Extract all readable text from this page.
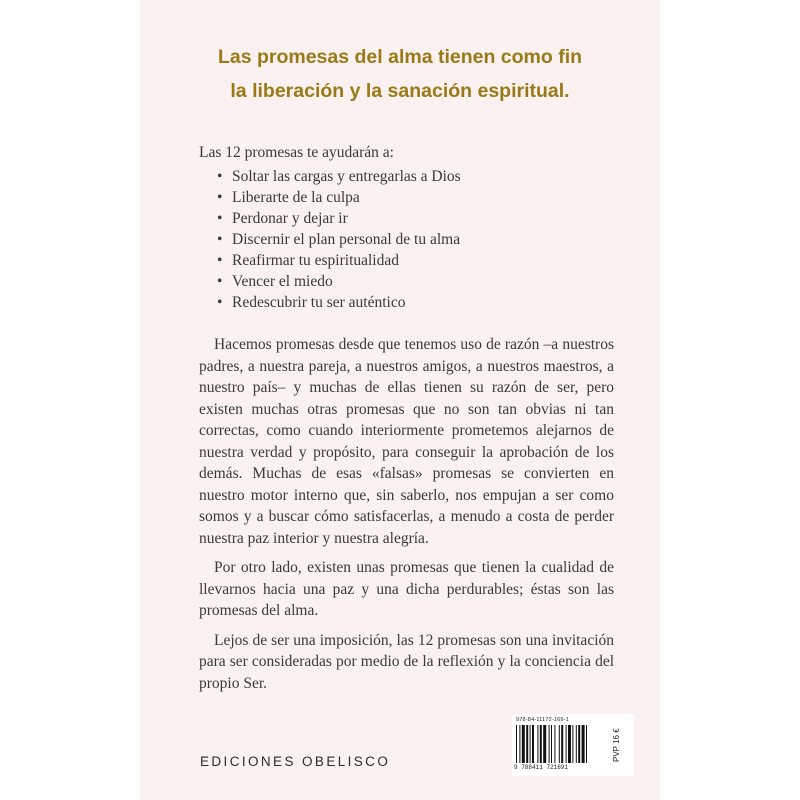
Las promesas del alma tienen como fin
la liberación y la sanación espiritual.
Las 12 promesas te ayudarán a:
• Soltar las cargas y entregarlas a Dios
• Liberarte de la culpa
• Perdonar y dejar ir
• Discernir el plan personal de tu alma
• Reafirmar tu espiritualidad
• Vencer el miedo
• Redescubrir tu ser auténtico

Hacemos promesas desde que tenemos uso de razón –a nuestros padres, a nuestra pareja, a nuestros amigos, a nuestros maestros, a nuestro país– y muchas de ellas tienen su razón de ser, pero existen muchas otras promesas que no son tan obvias ni tan correctas, como cuando interiormente prometemos alejarnos de nuestra verdad y propósito, para conseguir la aprobación de los demás. Muchas de esas «falsas» promesas se convierten en nuestro motor interno que, sin saberlo, nos empujan a ser como somos y a buscar cómo satisfacerlas, a menudo a costa de perder nuestra paz interior y nuestra alegría.

Por otro lado, existen unas promesas que tienen la cualidad de llevarnos hacia una paz y una dicha perdurables; éstas son las promesas del alma.

Lejos de ser una imposición, las 12 promesas son una invitación para ser consideradas por medio de la reflexión y la conciencia del propio Ser.

EDICIONES OBELISCO
978-84-11172-169-1
9 788411 721691
PVP 16 €
